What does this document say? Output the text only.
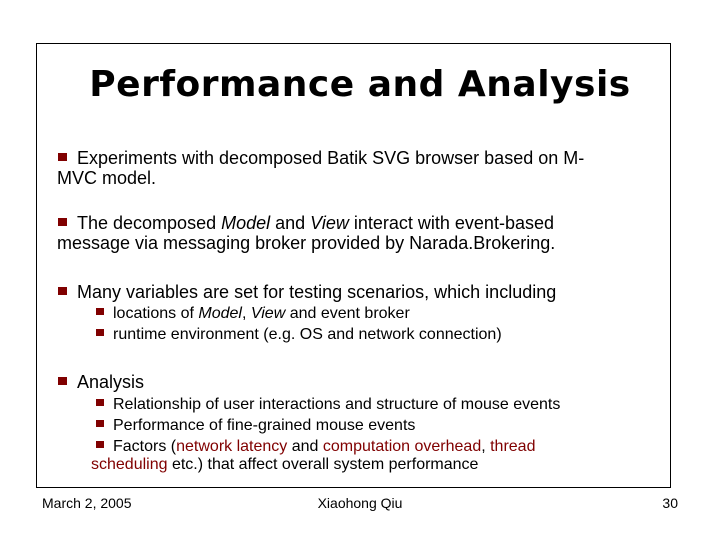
Performance and Analysis
Experiments with decomposed Batik SVG browser based on M-
MVC model.
The decomposed Model and View interact with event-based
message via messaging broker provided by Narada.Brokering.
Many variables are set for testing scenarios, which including
locations of Model, View and event broker
runtime environment (e.g. OS and network connection)
Analysis
Relationship of user interactions and structure of mouse events
Performance of fine-grained mouse events
Factors (network latency and computation overhead, thread
scheduling etc.) that affect overall system performance
March 2, 2005	Xiaohong Qiu	30
